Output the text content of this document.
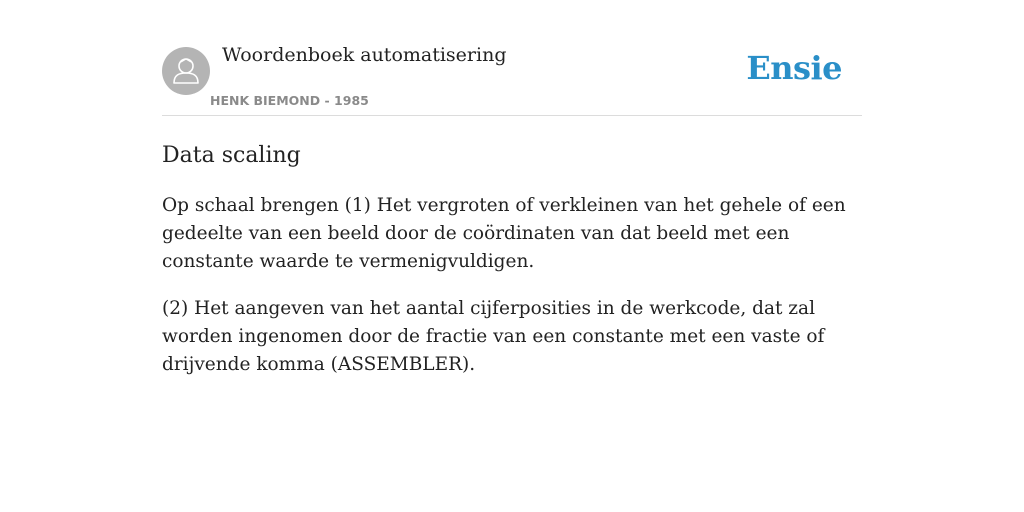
Woordenboek automatisering
HENK BIEMOND - 1985
Ensie
Data scaling

Op schaal brengen (1) Het vergroten of verkleinen van het gehele of een gedeelte van een beeld door de coördinaten van dat beeld met een constante waarde te vermenigvuldigen.

(2) Het aangeven van het aantal cijferposities in de werkcode, dat zal worden ingenomen door de fractie van een constante met een vaste of drijvende komma (ASSEMBLER).
